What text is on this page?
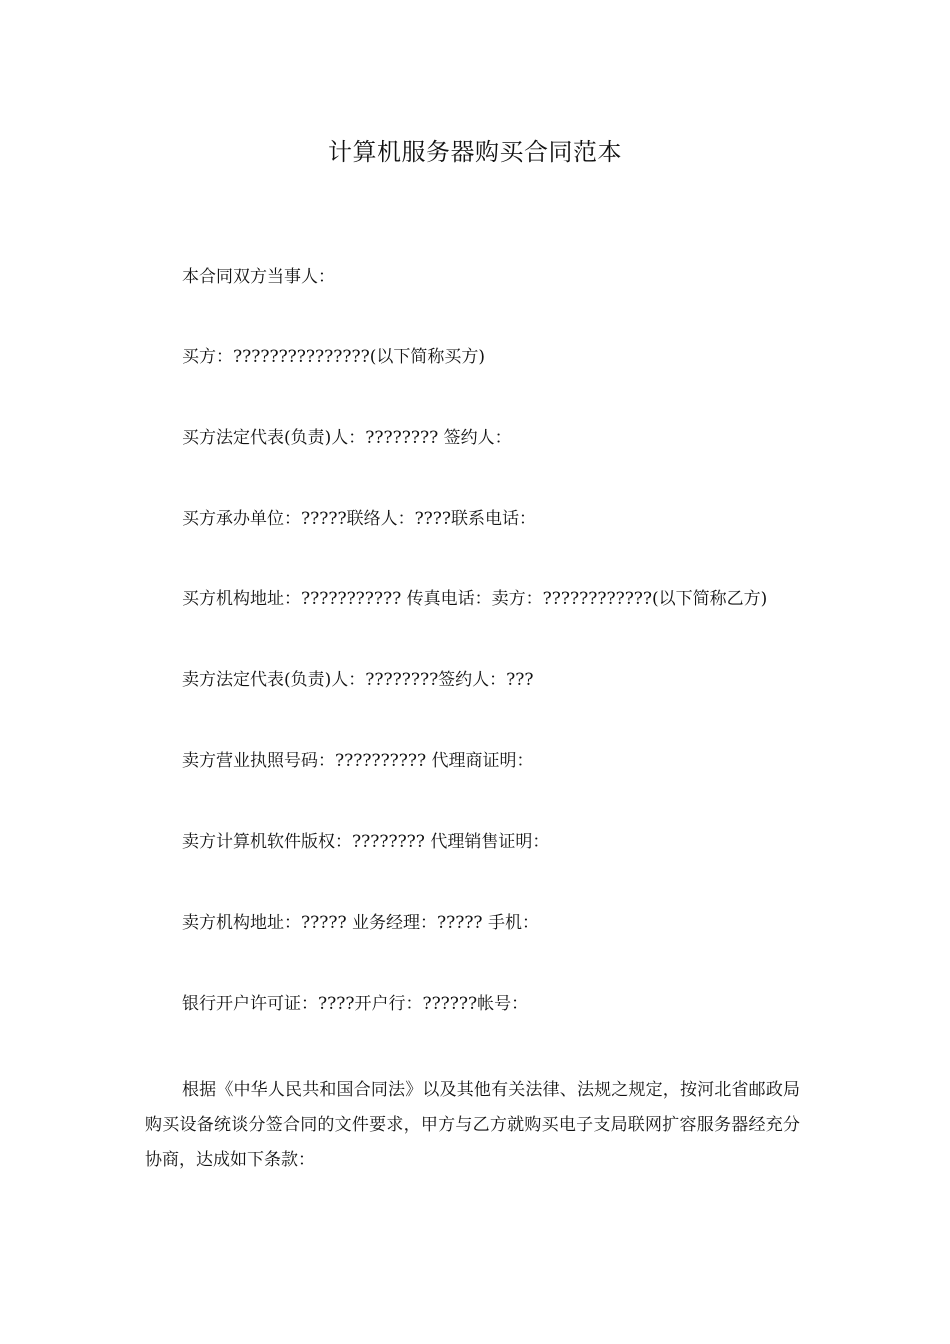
计算机服务器购买合同范本
本合同双方当事人：
买方：???????????????(以下简称买方)
买方法定代表(负责)人：???????? 签约人：
买方承办单位：?????联络人：????联系电话：
买方机构地址：??????????? 传真电话：卖方：????????????(以下简称乙方)
卖方法定代表(负责)人：????????签约人：???
卖方营业执照号码：?????????? 代理商证明：
卖方计算机软件版权：???????? 代理销售证明：
卖方机构地址：????? 业务经理：????? 手机：
银行开户许可证：????开户行：??????帐号：
根据《中华人民共和国合同法》以及其他有关法律、法规之规定，按河北省邮政局购买设备统谈分签合同的文件要求，甲方与乙方就购买电子支局联网扩容服务器经充分协商，达成如下条款：
